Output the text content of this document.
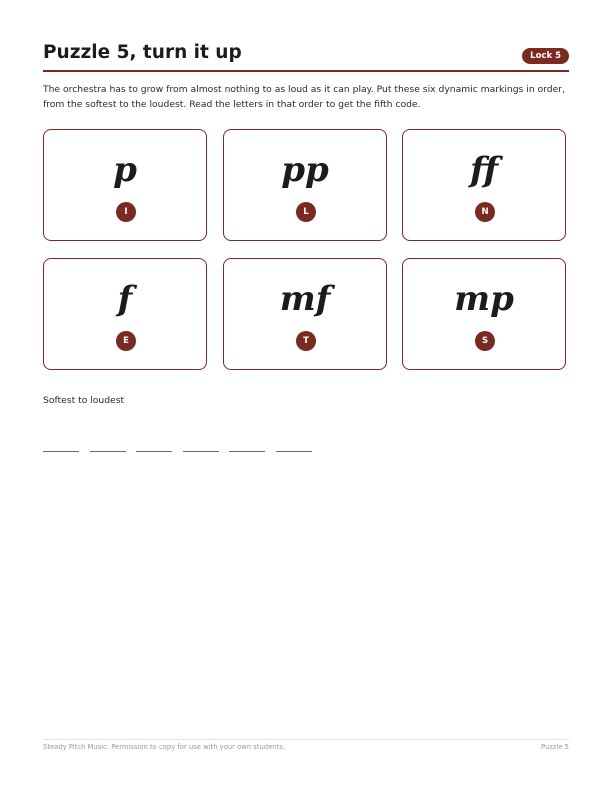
Puzzle 5, turn it up	Lock 5
The orchestra has to grow from almost nothing to as loud as it can play. Put these six dynamic markings in order, from the softest to the loudest. Read the letters in that order to get the fifth code.
p
I
pp
L
ff
N
f
E
mf
T
mp
S
Softest to loudest
Steady Pitch Music. Permission to copy for use with your own students.	Puzzle 5
